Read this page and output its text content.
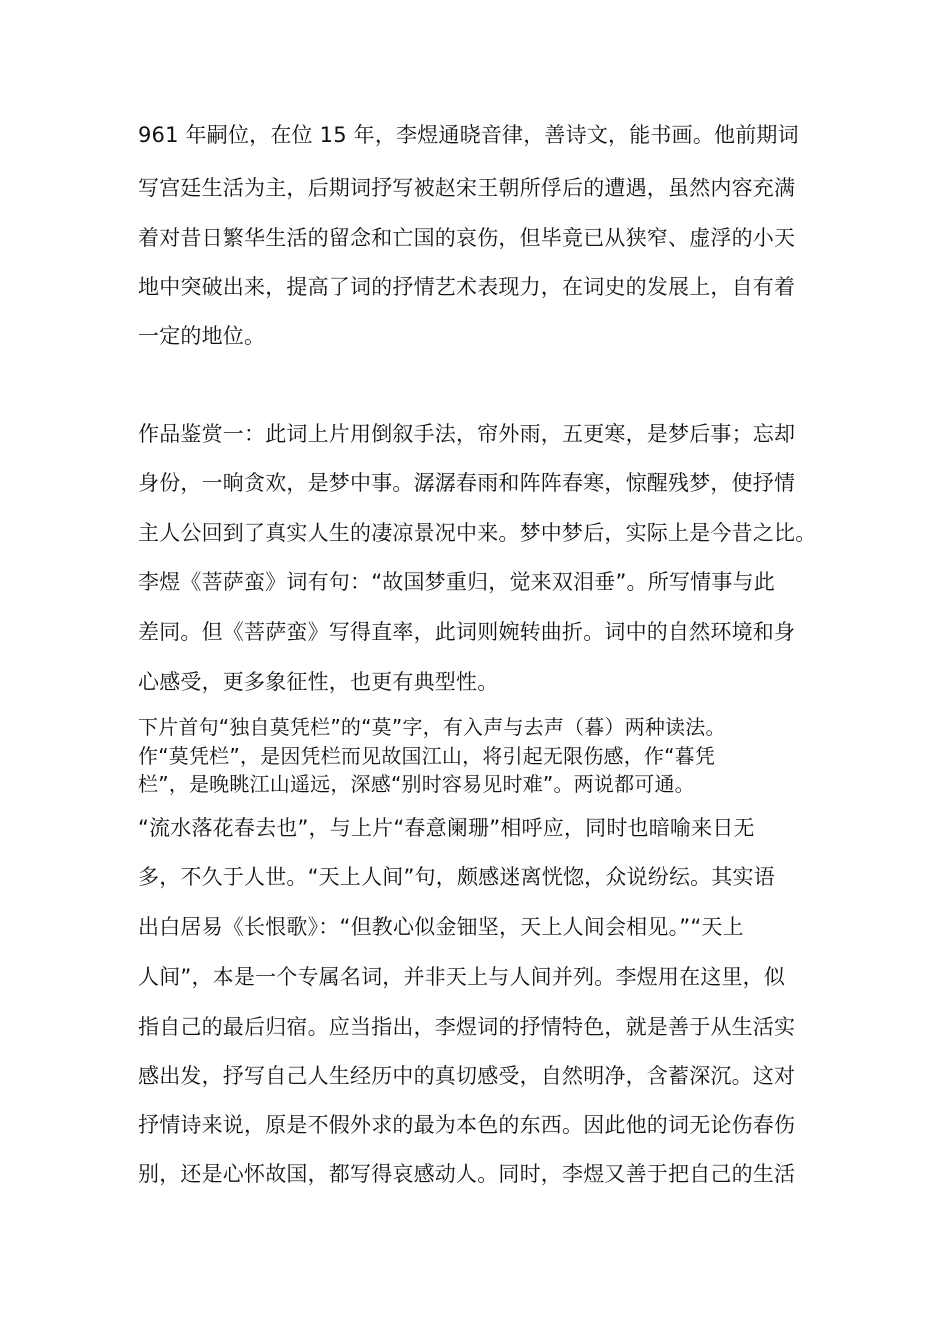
961 年嗣位，在位 15 年，李煜通晓音律，善诗文，能书画。他前期词
写宫廷生活为主，后期词抒写被赵宋王朝所俘后的遭遇，虽然内容充满
着对昔日繁华生活的留念和亡国的哀伤，但毕竟已从狭窄、虚浮的小天
地中突破出来，提高了词的抒情艺术表现力，在词史的发展上，自有着
一定的地位。
作品鉴赏一：此词上片用倒叙手法，帘外雨，五更寒，是梦后事；忘却
身份，一晌贪欢，是梦中事。潺潺春雨和阵阵春寒，惊醒残梦，使抒情
主人公回到了真实人生的凄凉景况中来。梦中梦后，实际上是今昔之比。
李煜《菩萨蛮》词有句：“故国梦重归，觉来双泪垂”。所写情事与此
差同。但《菩萨蛮》写得直率，此词则婉转曲折。词中的自然环境和身
心感受，更多象征性，也更有典型性。
下片首句“独自莫凭栏”的“莫”字，有入声与去声（暮）两种读法。
作“莫凭栏”，是因凭栏而见故国江山，将引起无限伤感，作“暮凭
栏”，是晚眺江山遥远，深感“别时容易见时难”。两说都可通。
“流水落花春去也”，与上片“春意阑珊”相呼应，同时也暗喻来日无
多，不久于人世。“天上人间”句，颇感迷离恍惚，众说纷纭。其实语
出白居易《长恨歌》：“但教心似金钿坚，天上人间会相见。”“天上
人间”，本是一个专属名词，并非天上与人间并列。李煜用在这里，似
指自己的最后归宿。应当指出，李煜词的抒情特色，就是善于从生活实
感出发，抒写自己人生经历中的真切感受，自然明净，含蓄深沉。这对
抒情诗来说，原是不假外求的最为本色的东西。因此他的词无论伤春伤
别，还是心怀故国，都写得哀感动人。同时，李煜又善于把自己的生活
